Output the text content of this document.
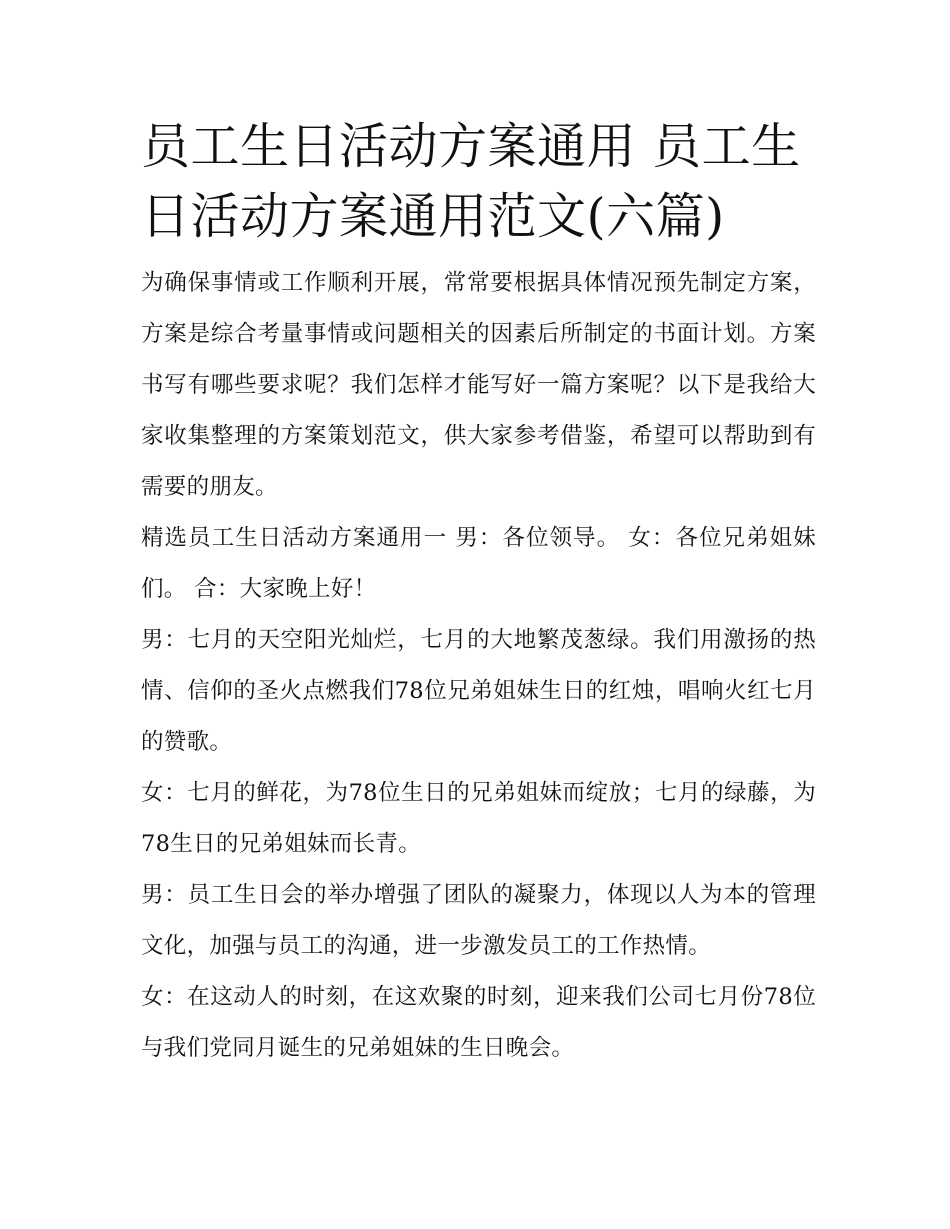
员工生日活动方案通用 员工生日活动方案通用范文(六篇)

为确保事情或工作顺利开展，常常要根据具体情况预先制定方案，方案是综合考量事情或问题相关的因素后所制定的书面计划。方案书写有哪些要求呢？我们怎样才能写好一篇方案呢？以下是我给大家收集整理的方案策划范文，供大家参考借鉴，希望可以帮助到有需要的朋友。

精选员工生日活动方案通用一 男：各位领导。 女：各位兄弟姐妹们。 合：大家晚上好！

男：七月的天空阳光灿烂，七月的大地繁茂葱绿。我们用激扬的热情、信仰的圣火点燃我们78位兄弟姐妹生日的红烛，唱响火红七月的赞歌。

女：七月的鲜花，为78位生日的兄弟姐妹而绽放；七月的绿藤，为78生日的兄弟姐妹而长青。

男：员工生日会的举办增强了团队的凝聚力，体现以人为本的管理文化，加强与员工的沟通，进一步激发员工的工作热情。

女：在这动人的时刻，在这欢聚的时刻，迎来我们公司七月份78位与我们党同月诞生的兄弟姐妹的生日晚会。
